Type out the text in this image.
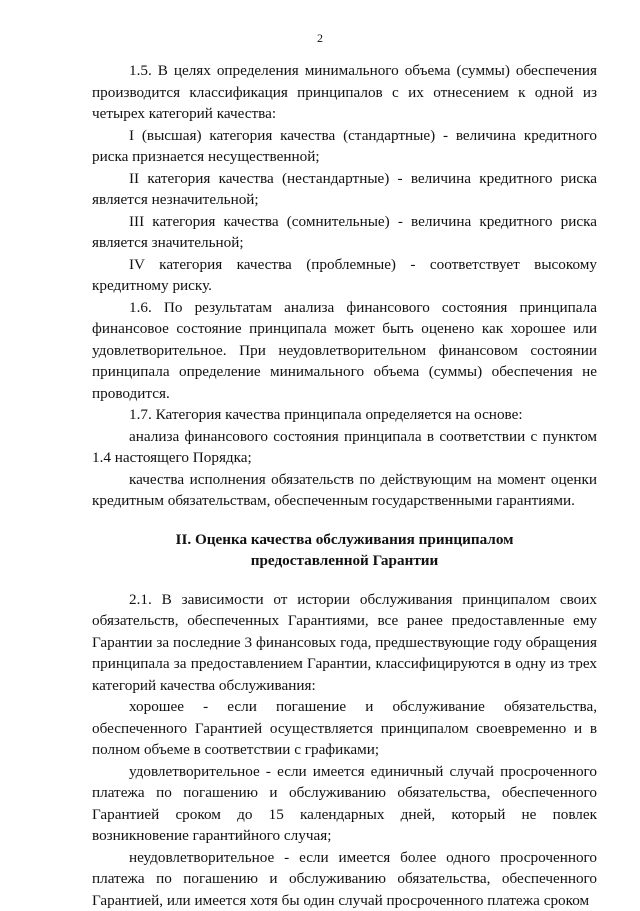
2

1.5. В целях определения минимального объема (суммы) обеспечения производится классификация принципалов с их отнесением к одной из четырех категорий качества:

I (высшая) категория качества (стандартные) - величина кредитного риска признается несущественной;

II категория качества (нестандартные) - величина кредитного риска является незначительной;

III категория качества (сомнительные) - величина кредитного риска является значительной;

IV категория качества (проблемные) - соответствует высокому кредитному риску.

1.6. По результатам анализа финансового состояния принципала финансовое состояние принципала может быть оценено как хорошее или удовлетворительное. При неудовлетворительном финансовом состоянии принципала определение минимального объема (суммы) обеспечения не проводится.

1.7. Категория качества принципала определяется на основе:

анализа финансового состояния принципала в соответствии с пунктом 1.4 настоящего Порядка;

качества исполнения обязательств по действующим на момент оценки кредитным обязательствам, обеспеченным государственными гарантиями.

II. Оценка качества обслуживания принципалом
предоставленной Гарантии

2.1. В зависимости от истории обслуживания принципалом своих обязательств, обеспеченных Гарантиями, все ранее предоставленные ему Гарантии за последние 3 финансовых года, предшествующие году обращения принципала за предоставлением Гарантии, классифицируются в одну из трех категорий качества обслуживания:

хорошее - если погашение и обслуживание обязательства, обеспеченного Гарантией осуществляется принципалом своевременно и в полном объеме в соответствии с графиками;

удовлетворительное - если имеется единичный случай просроченного платежа по погашению и обслуживанию обязательства, обеспеченного Гарантией сроком до 15 календарных дней, который не повлек возникновение гарантийного случая;

неудовлетворительное - если имеется более одного просроченного платежа по погашению и обслуживанию обязательства, обеспеченного Гарантией, или имеется хотя бы один случай просроченного платежа сроком
